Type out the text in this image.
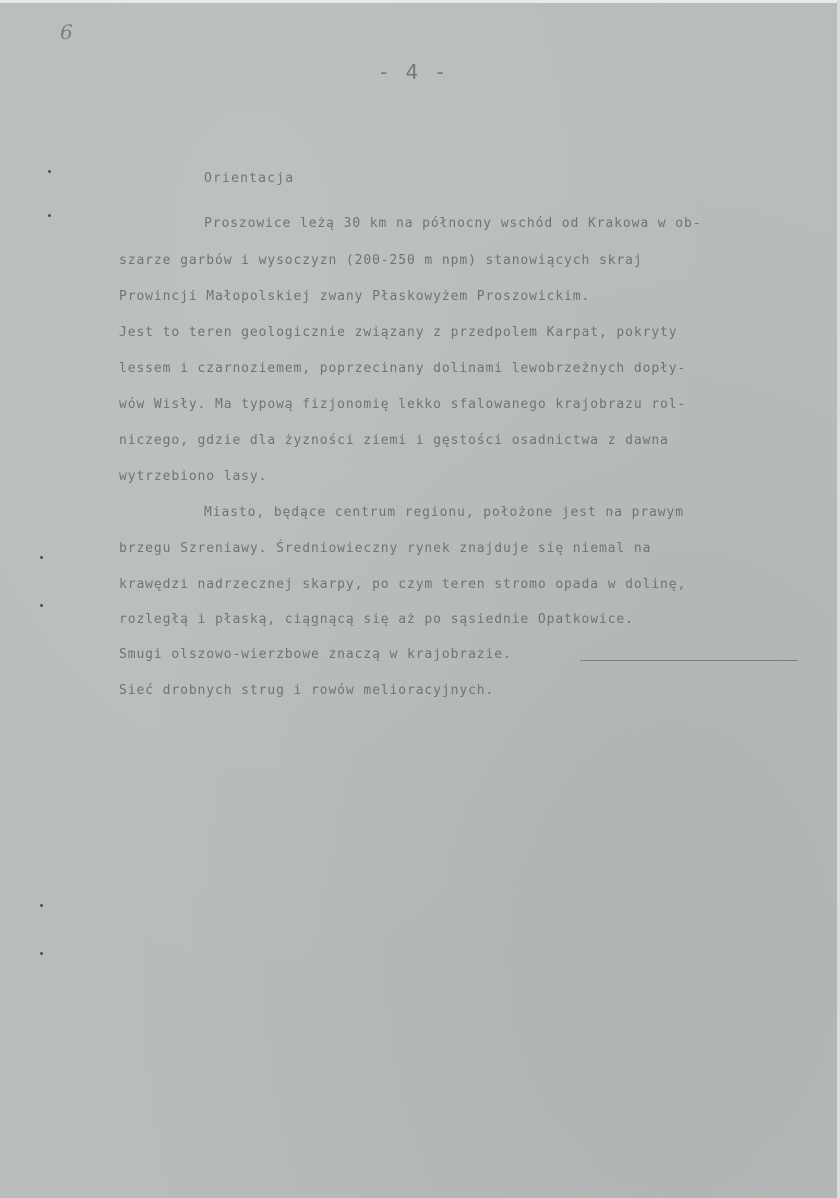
6
- 4 -
Orientacja
Proszowice leżą 30 km na północny wschód od Krakowa w ob-
szarze garbów i wysoczyzn (200-250 m npm) stanowiących skraj
Prowincji Małopolskiej zwany Płaskowyżem Proszowickim.
Jest to teren geologicznie związany z przedpolem Karpat, pokryty
lessem i czarnoziemem, poprzecinany dolinami lewobrzeżnych dopły-
wów Wisły. Ma typową fizjonomię lekko sfalowanego krajobrazu rol-
niczego, gdzie dla żyzności ziemi i gęstości osadnictwa z dawna
wytrzebiono lasy.
Miasto, będące centrum regionu, położone jest na prawym
brzegu Szreniawy. Średniowieczny rynek znajduje się niemal na
krawędzi nadrzecznej skarpy, po czym teren stromo opada w dolinę,
rozległą i płaską, ciągnącą się aż po sąsiednie Opatkowice.
Smugi olszowo-wierzbowe znaczą w krajobrazie.
Sieć drobnych strug i rowów melioracyjnych.
